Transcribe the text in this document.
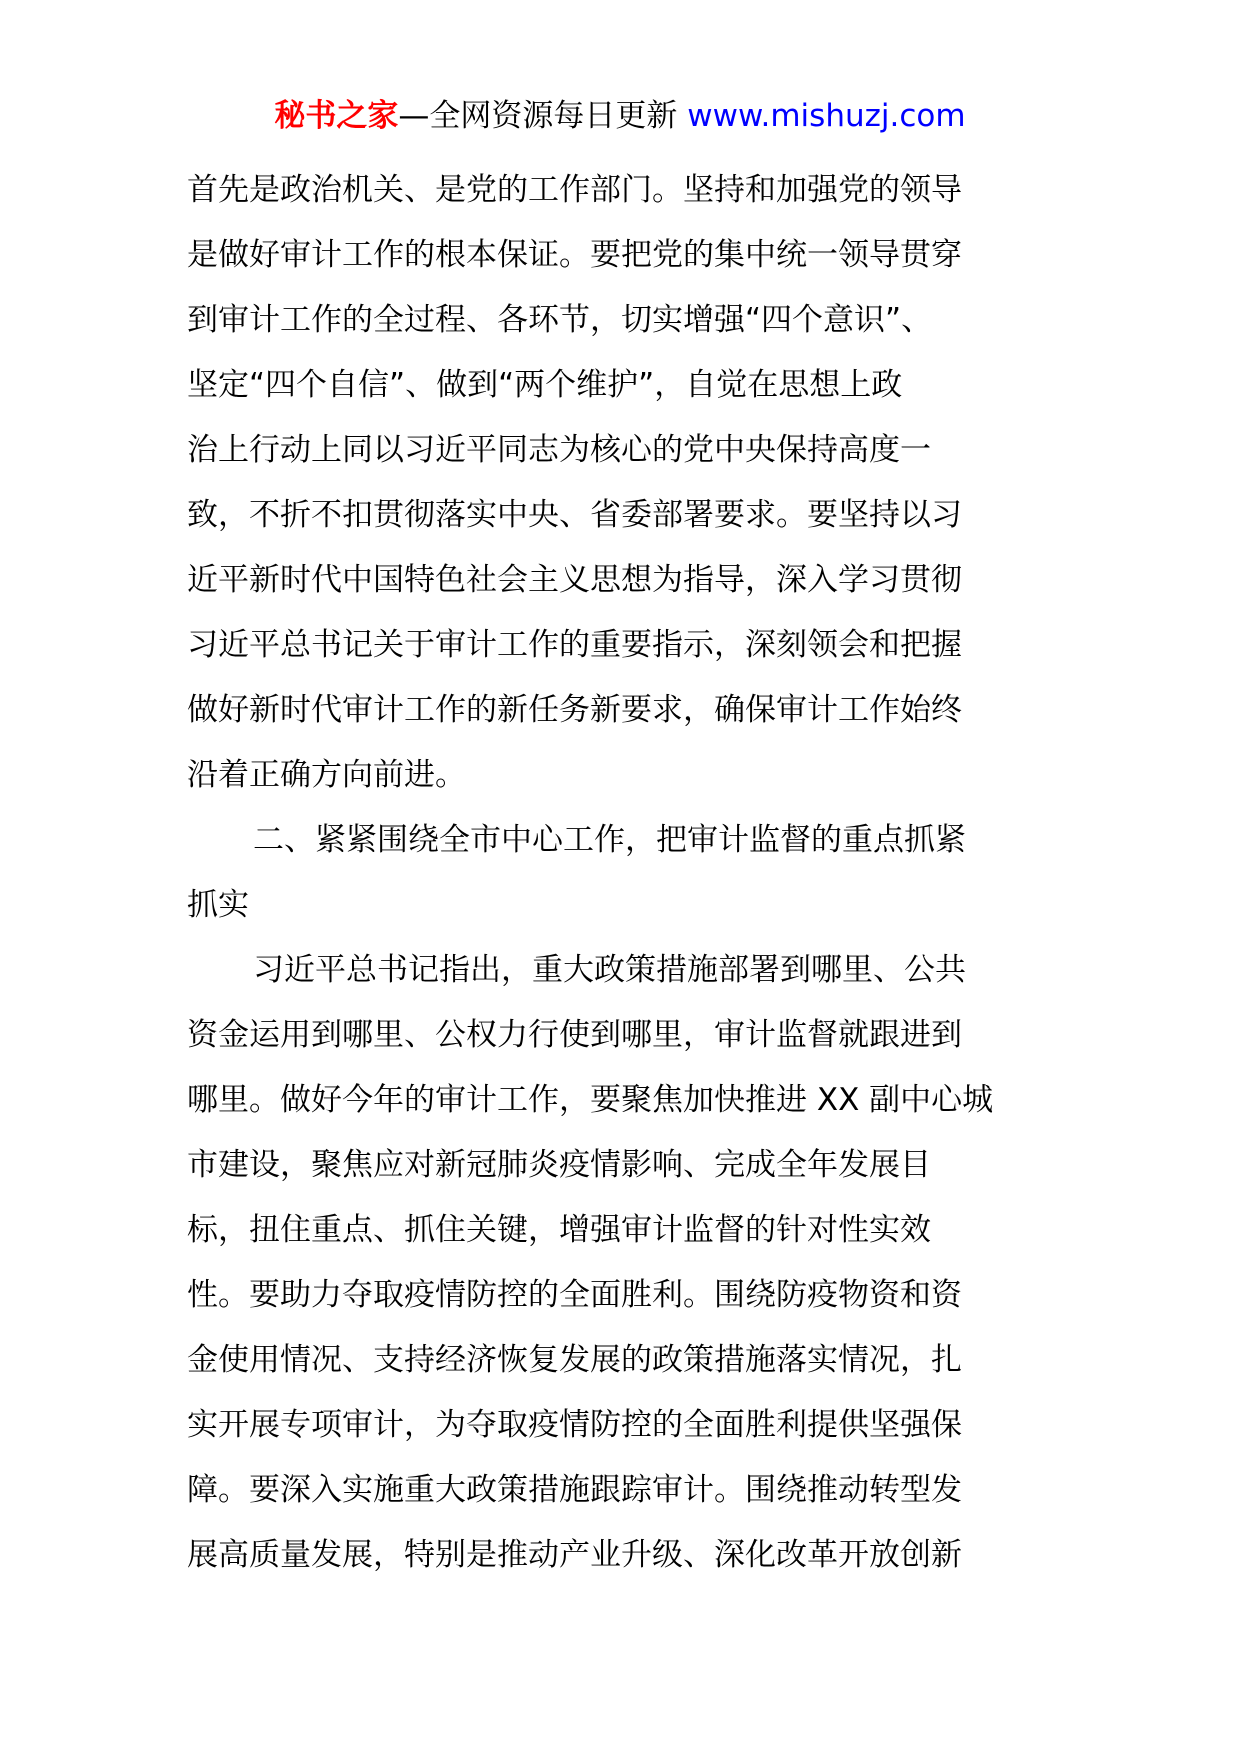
秘书之家—全网资源每日更新 www.mishuzj.com
首先是政治机关、是党的工作部门。坚持和加强党的领导
是做好审计工作的根本保证。要把党的集中统一领导贯穿
到审计工作的全过程、各环节，切实增强“四个意识”、
坚定“四个自信”、做到“两个维护”，自觉在思想上政
治上行动上同以习近平同志为核心的党中央保持高度一
致，不折不扣贯彻落实中央、省委部署要求。要坚持以习
近平新时代中国特色社会主义思想为指导，深入学习贯彻
习近平总书记关于审计工作的重要指示，深刻领会和把握
做好新时代审计工作的新任务新要求，确保审计工作始终
沿着正确方向前进。
二、紧紧围绕全市中心工作，把审计监督的重点抓紧
抓实
习近平总书记指出，重大政策措施部署到哪里、公共
资金运用到哪里、公权力行使到哪里，审计监督就跟进到
哪里。做好今年的审计工作，要聚焦加快推进 XX 副中心城
市建设，聚焦应对新冠肺炎疫情影响、完成全年发展目
标，扭住重点、抓住关键，增强审计监督的针对性实效
性。要助力夺取疫情防控的全面胜利。围绕防疫物资和资
金使用情况、支持经济恢复发展的政策措施落实情况，扎
实开展专项审计，为夺取疫情防控的全面胜利提供坚强保
障。要深入实施重大政策措施跟踪审计。围绕推动转型发
展高质量发展，特别是推动产业升级、深化改革开放创新
